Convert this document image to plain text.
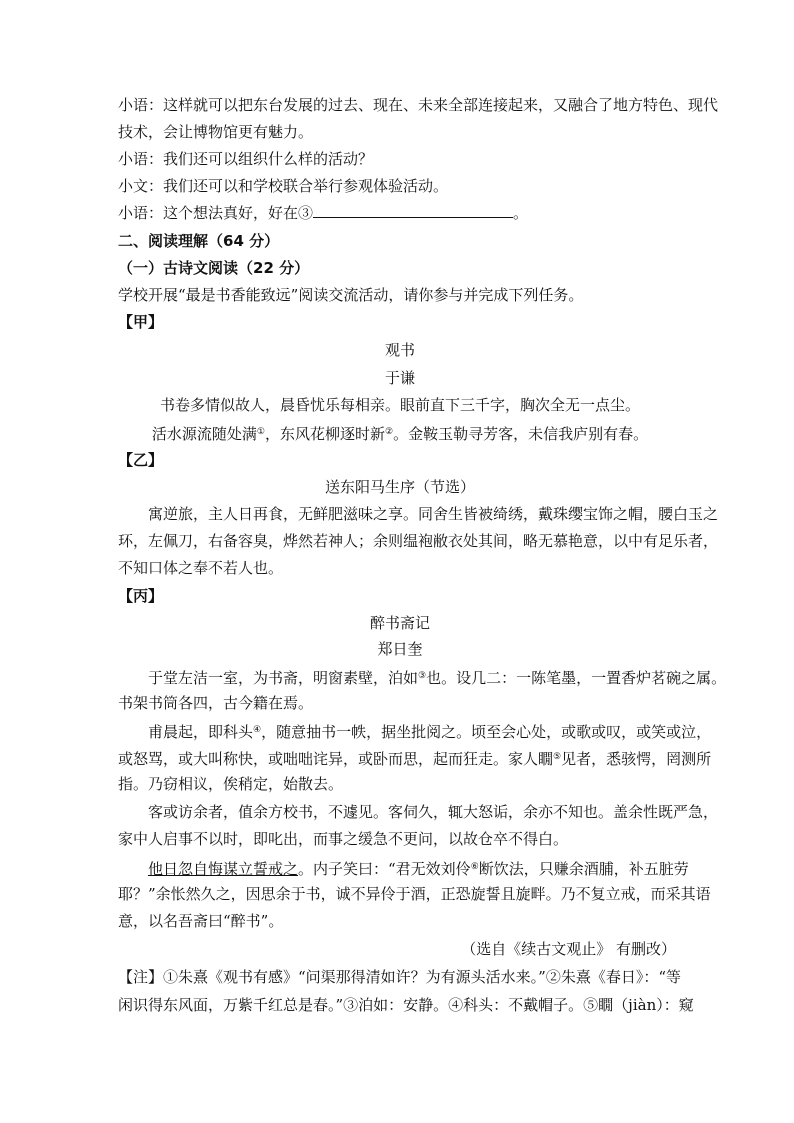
小语：这样就可以把东台发展的过去、现在、未来全部连接起来，又融合了地方特色、现代
技术，会让博物馆更有魅力。
小语：我们还可以组织什么样的活动？
小文：我们还可以和学校联合举行参观体验活动。
小语：这个想法真好，好在③	。
二、阅读理解（64 分）
（一）古诗文阅读（22 分）
学校开展“最是书香能致远”阅读交流活动，请你参与并完成下列任务。
【甲】
观书
于谦
书卷多情似故人，晨昏忧乐每相亲。眼前直下三千字，胸次全无一点尘。
活水源流随处满①，东风花柳逐时新②。金鞍玉勒寻芳客，未信我庐别有春。
【乙】
送东阳马生序（节选）
寓逆旅，主人日再食，无鲜肥滋味之享。同舍生皆被绮绣，戴珠缨宝饰之帽，腰白玉之
环，左佩刀，右备容臭，烨然若神人；余则缊袍敝衣处其间，略无慕艳意，以中有足乐者，
不知口体之奉不若人也。
【丙】
醉书斋记
郑日奎
于堂左洁一室，为书斋，明窗素壁，泊如③也。设几二：一陈笔墨，一置香炉茗碗之属。
书架书筒各四，古今籍在焉。
甫晨起，即科头④，随意抽书一帙，据坐批阅之。顷至会心处，或歌或叹，或笑或泣，
或怒骂，或大叫称快，或咄咄诧异，或卧而思，起而狂走。家人瞯⑤见者，悉骇愕，罔测所
指。乃窃相议，俟稍定，始散去。
客或访余者，值余方校书，不遽见。客伺久，辄大怒诟，余亦不知也。盖余性既严急，
家中人启事不以时，即叱出，而事之缓急不更问，以故仓卒不得白。
他日忽自悔谋立誓戒之。内子笑曰：“君无效刘伶⑥断饮法，只赚余酒脯，补五脏劳
耶？”余怅然久之，因思余于书，诚不异伶于酒，正恐旋誓且旋畔。乃不复立戒，而采其语
意，以名吾斋曰“醉书”。
（选自《续古文观止》 有删改）
【注】①朱熹《观书有感》“问渠那得清如许？为有源头活水来。”②朱熹《春日》：“等
闲识得东风面，万紫千红总是春。”③泊如：安静。④科头：不戴帽子。⑤瞯（jiàn）：窥
